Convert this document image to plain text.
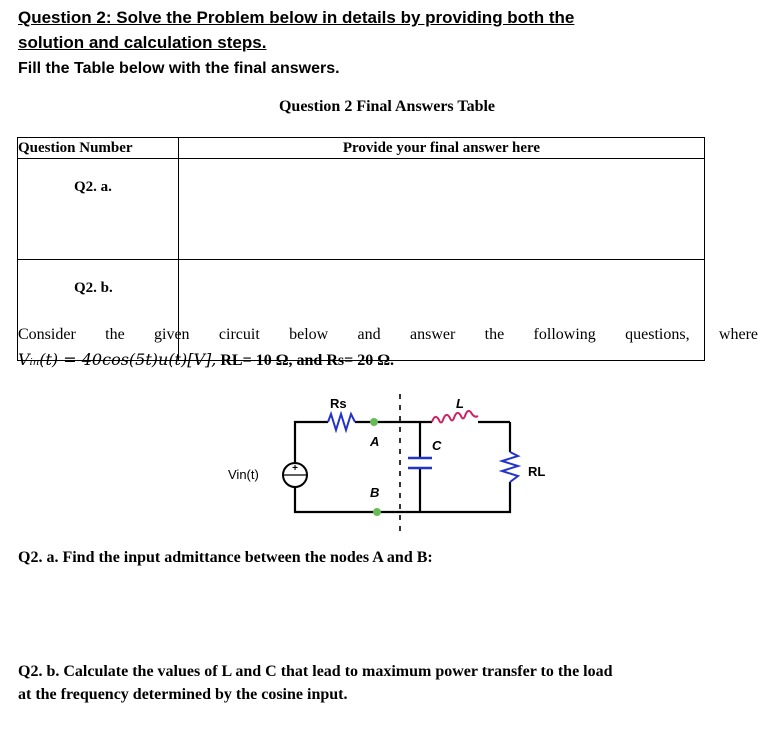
Question 2: Solve the Problem below in details by providing both the
solution and calculation steps.
Fill the Table below with the final answers.
Question 2 Final Answers Table
Question Number	Provide your final answer here
Q2. a.	
Q2. b.	
Consider the given circuit below and answer the following questions, where
Vᵢₙ(t) = 40cos(5t)u(t)[V], RL= 10 Ω, and Rs= 20 Ω.
+
Rs	L
A
B
C
RL
Vin(t)
Q2. a. Find the input admittance between the nodes A and B:
Q2. b. Calculate the values of L and C that lead to maximum power transfer to the load
at the frequency determined by the cosine input.
